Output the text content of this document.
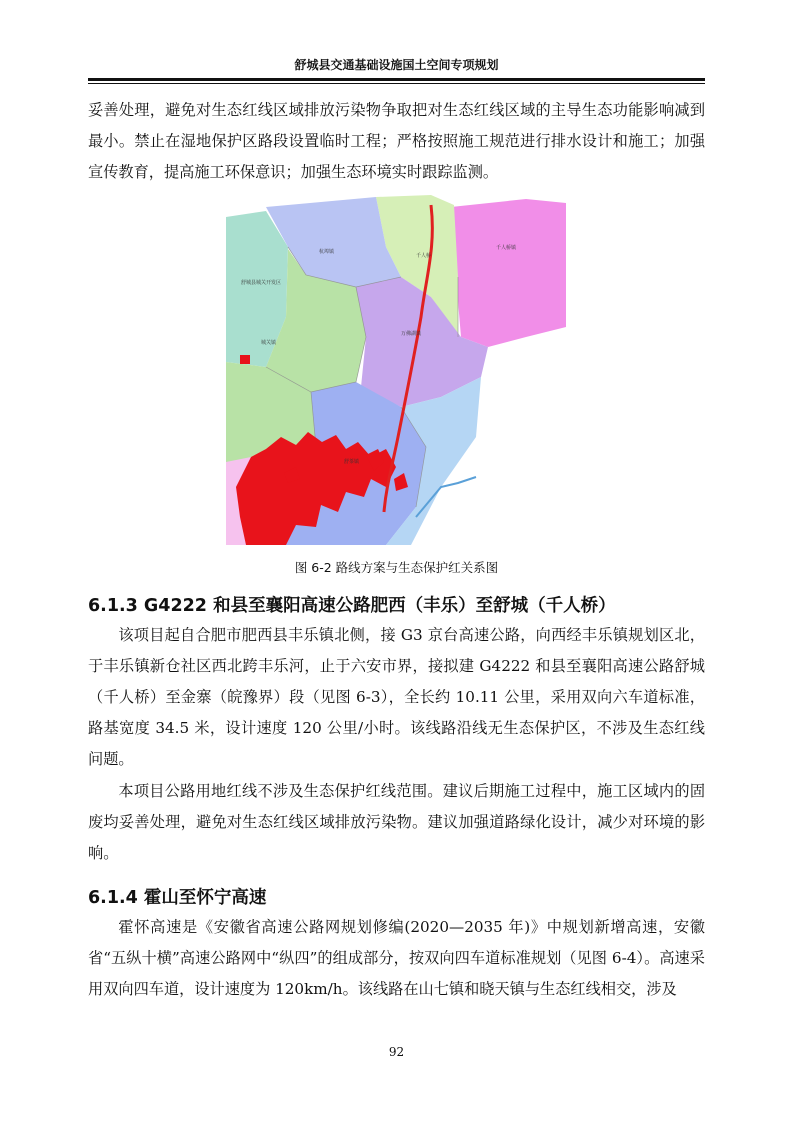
舒城县交通基础设施国土空间专项规划

妥善处理，避免对生态红线区域排放污染物争取把对生态红线区域的主导生态功能影响减到最小。禁止在湿地保护区路段设置临时工程；严格按照施工规范进行排水设计和施工；加强宣传教育，提高施工环保意识；加强生态环境实时跟踪监测。

杭埠镇
千人桥镇
千人桥
舒城县城关开发区
城关镇
万佛湖镇
舒茶镇
图 6-2 路线方案与生态保护红关系图
6.1.3 G4222 和县至襄阳高速公路肥西（丰乐）至舒城（千人桥）

该项目起自合肥市肥西县丰乐镇北侧，接 G3 京台高速公路，向西经丰乐镇规划区北，于丰乐镇新仓社区西北跨丰乐河，止于六安市界，接拟建 G4222 和县至襄阳高速公路舒城（千人桥）至金寨（皖豫界）段（见图 6-3），全长约 10.11 公里，采用双向六车道标准，路基宽度 34.5 米，设计速度 120 公里/小时。该线路沿线无生态保护区，不涉及生态红线问题。

本项目公路用地红线不涉及生态保护红线范围。建议后期施工过程中，施工区域内的固废均妥善处理，避免对生态红线区域排放污染物。建议加强道路绿化设计，减少对环境的影响。

6.1.4 霍山至怀宁高速

霍怀高速是《安徽省高速公路网规划修编(2020—2035 年)》中规划新增高速，安徽省“五纵十横”高速公路网中“纵四”的组成部分，按双向四车道标准规划（见图 6-4）。高速采用双向四车道，设计速度为 120km/h。该线路在山七镇和晓天镇与生态红线相交，涉及

92
